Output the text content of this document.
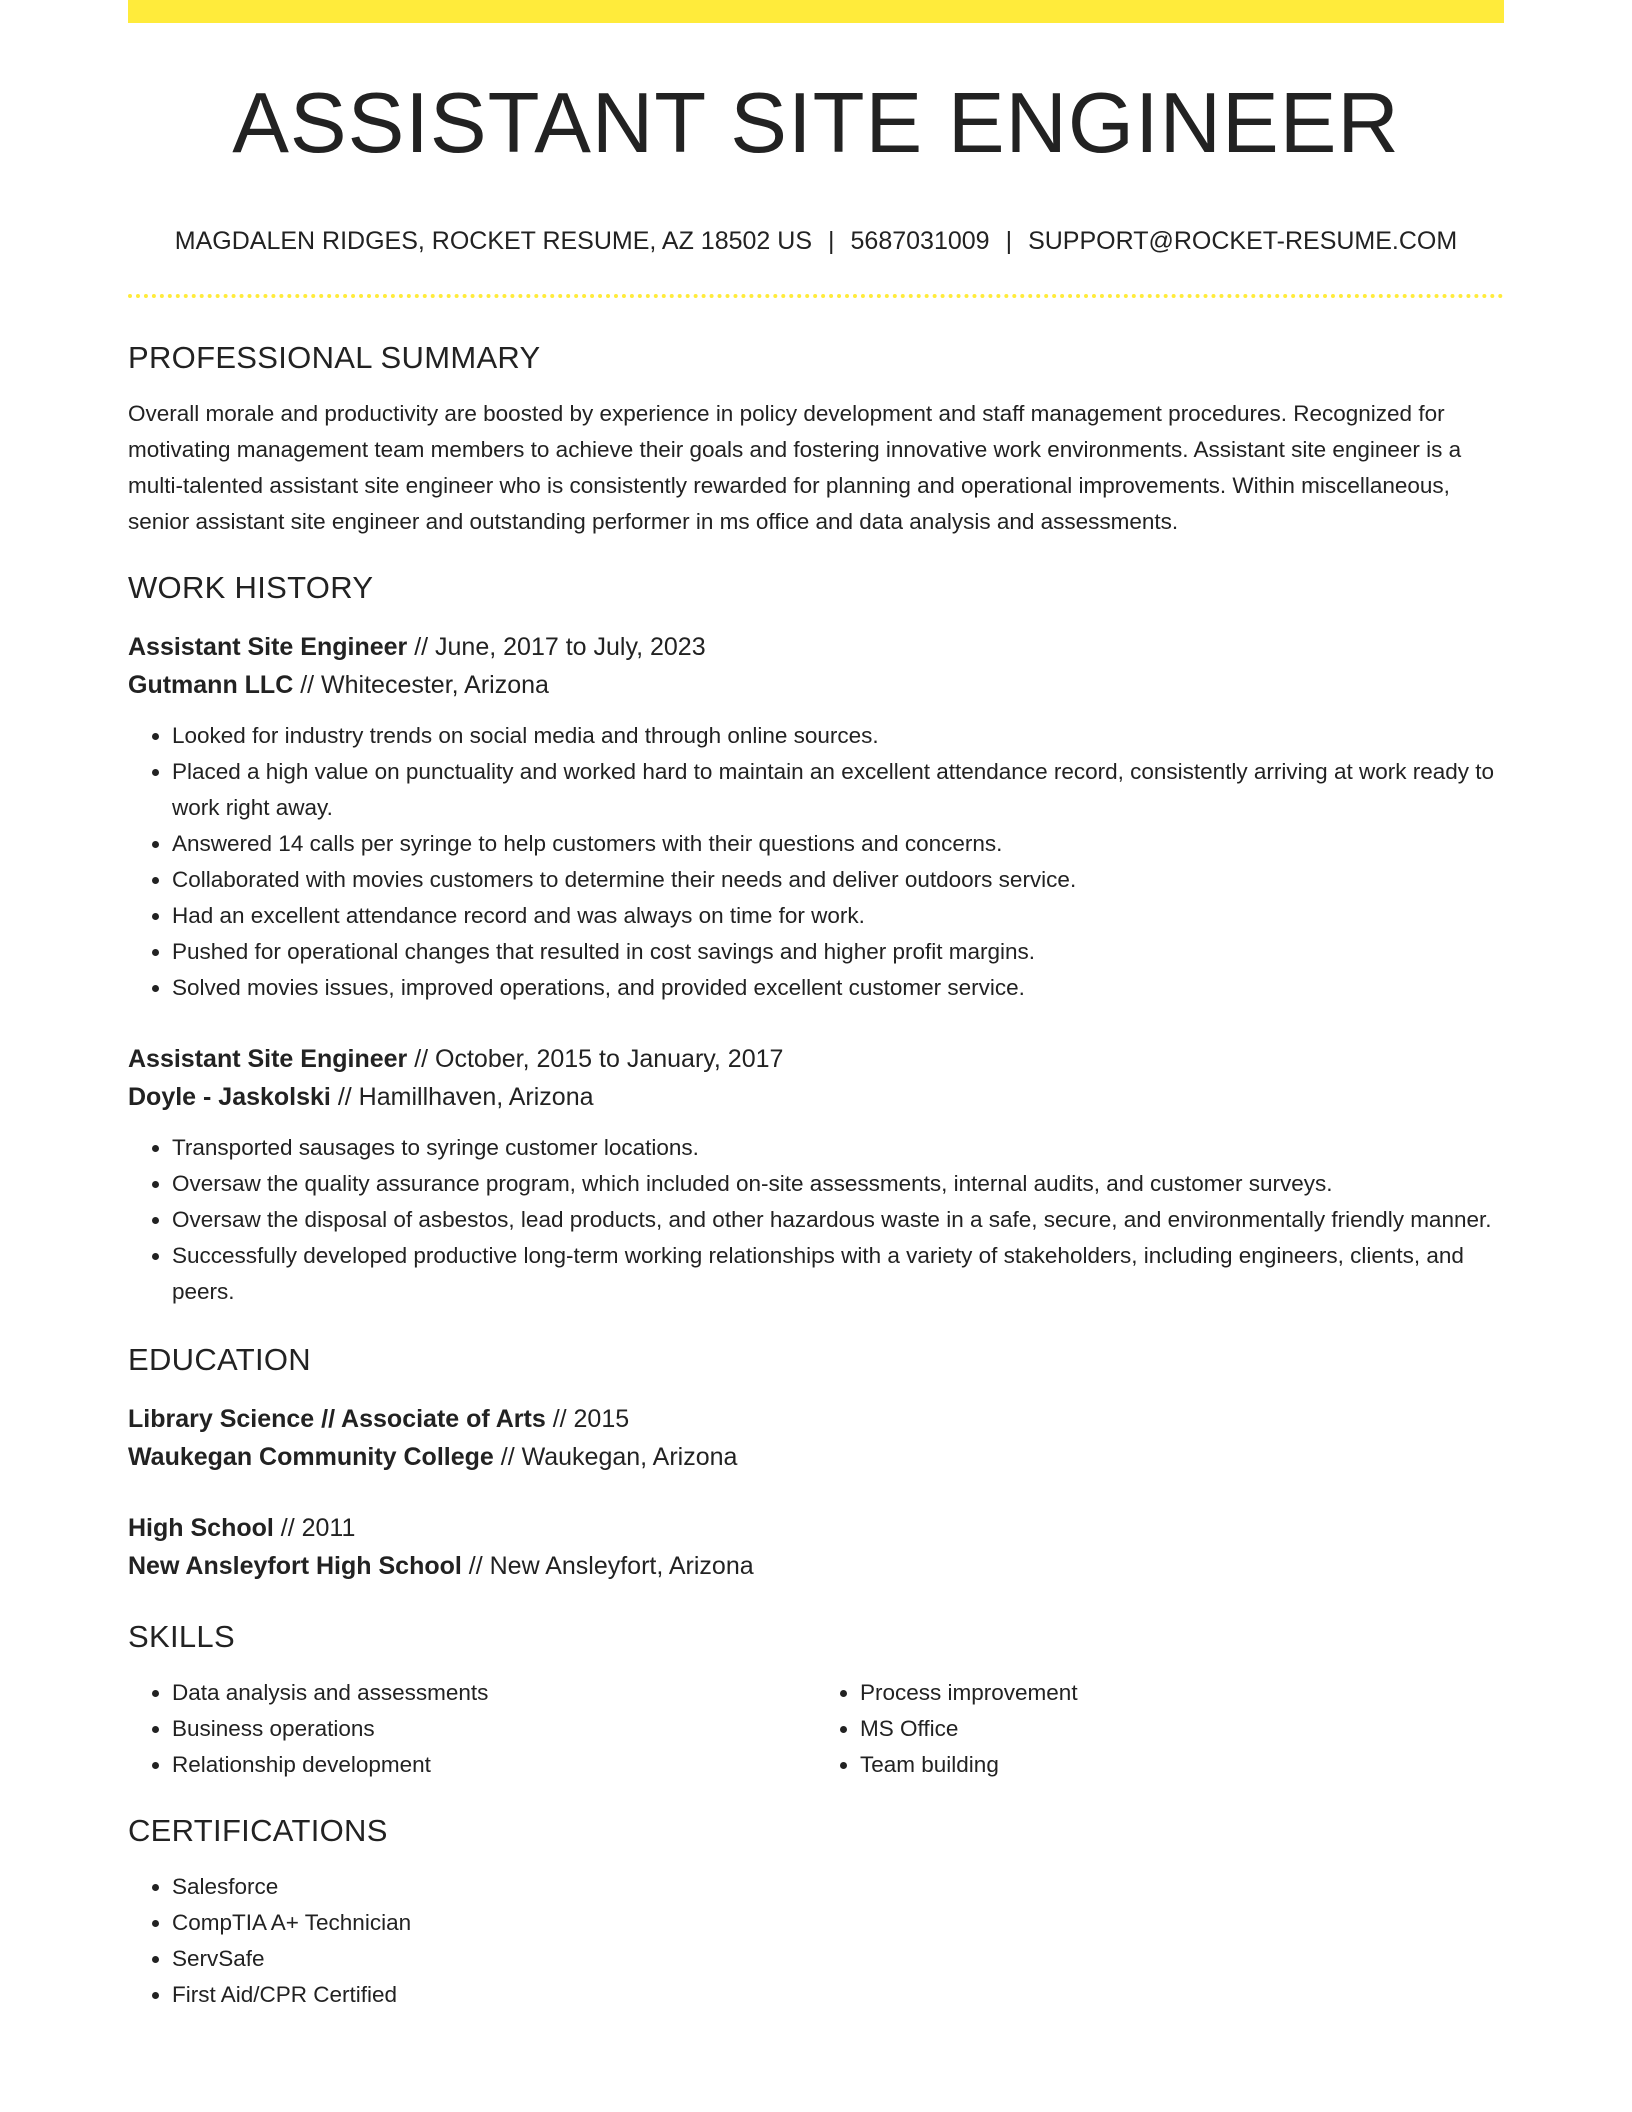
ASSISTANT SITE ENGINEER
MAGDALEN RIDGES, ROCKET RESUME, AZ 18502 US | 5687031009 | SUPPORT@ROCKET-RESUME.COM
PROFESSIONAL SUMMARY
Overall morale and productivity are boosted by experience in policy development and staff management procedures. Recognized for motivating management team members to achieve their goals and fostering innovative work environments. Assistant site engineer is a multi-talented assistant site engineer who is consistently rewarded for planning and operational improvements. Within miscellaneous, senior assistant site engineer and outstanding performer in ms office and data analysis and assessments.
WORK HISTORY
Assistant Site Engineer // June, 2017 to July, 2023
Gutmann LLC // Whitecester, Arizona
• Looked for industry trends on social media and through online sources.
• Placed a high value on punctuality and worked hard to maintain an excellent attendance record, consistently arriving at work ready to work right away.
• Answered 14 calls per syringe to help customers with their questions and concerns.
• Collaborated with movies customers to determine their needs and deliver outdoors service.
• Had an excellent attendance record and was always on time for work.
• Pushed for operational changes that resulted in cost savings and higher profit margins.
• Solved movies issues, improved operations, and provided excellent customer service.
Assistant Site Engineer // October, 2015 to January, 2017
Doyle - Jaskolski // Hamillhaven, Arizona
• Transported sausages to syringe customer locations.
• Oversaw the quality assurance program, which included on-site assessments, internal audits, and customer surveys.
• Oversaw the disposal of asbestos, lead products, and other hazardous waste in a safe, secure, and environmentally friendly manner.
• Successfully developed productive long-term working relationships with a variety of stakeholders, including engineers, clients, and peers.
EDUCATION
Library Science // Associate of Arts // 2015
Waukegan Community College // Waukegan, Arizona
High School // 2011
New Ansleyfort High School // New Ansleyfort, Arizona
SKILLS
• Data analysis and assessments
• Business operations
• Relationship development
• Process improvement
• MS Office
• Team building
CERTIFICATIONS
• Salesforce
• CompTIA A+ Technician
• ServSafe
• First Aid/CPR Certified
